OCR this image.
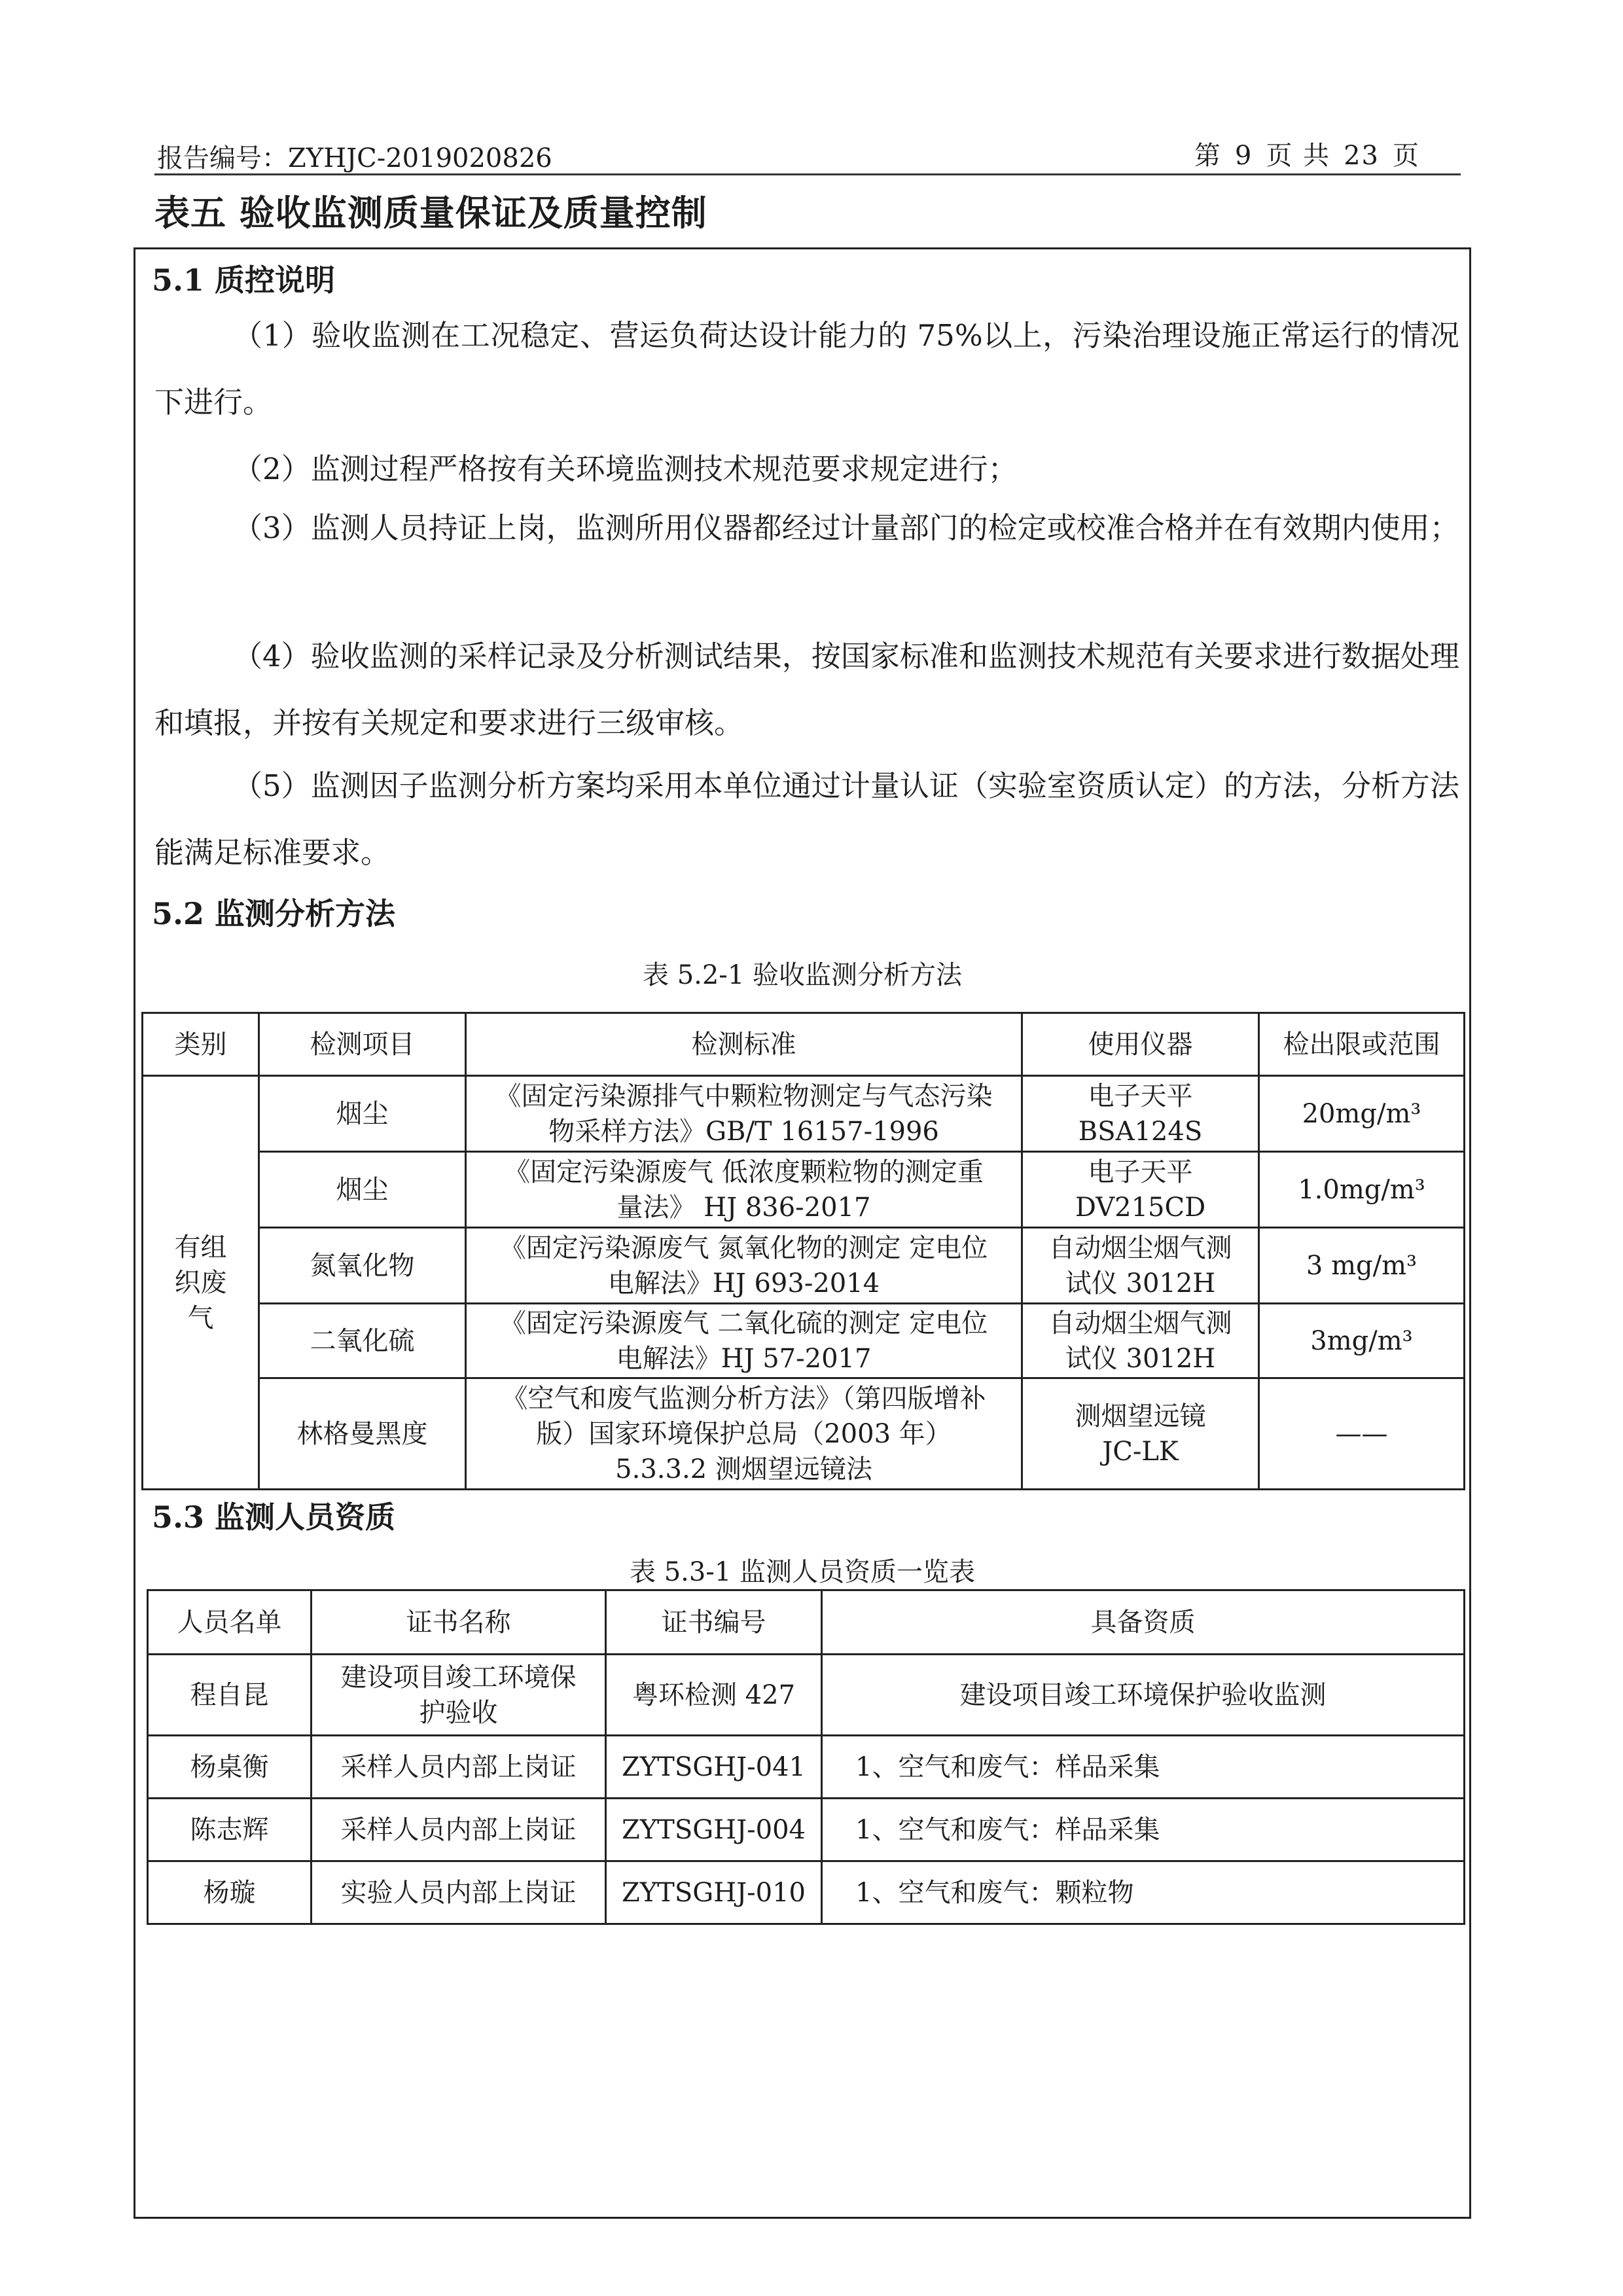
报告编号：ZYHJC-2019020826	第 9 页 共 23 页
表五 验收监测质量保证及质量控制
5.1 质控说明
（1）验收监测在工况稳定、营运负荷达设计能力的 75%以上，污染治理设施正常运行的情况下进行。
（2）监测过程严格按有关环境监测技术规范要求规定进行；
（3）监测人员持证上岗，监测所用仪器都经过计量部门的检定或校准合格并在有效期内使用；
（4）验收监测的采样记录及分析测试结果，按国家标准和监测技术规范有关要求进行数据处理和填报，并按有关规定和要求进行三级审核。
（5）监测因子监测分析方案均采用本单位通过计量认证（实验室资质认定）的方法，分析方法能满足标准要求。
5.2 监测分析方法
表 5.2-1 验收监测分析方法
类别	检测项目	检测标准	使用仪器	检出限或范围
有组织废气	烟尘	《固定污染源排气中颗粒物测定与气态污染物采样方法》GB/T 16157-1996	电子天平 BSA124S	20mg/m³
	烟尘	《固定污染源废气 低浓度颗粒物的测定重量法》 HJ 836-2017	电子天平 DV215CD	1.0mg/m³
	氮氧化物	《固定污染源废气 氮氧化物的测定 定电位电解法》HJ 693-2014	自动烟尘烟气测试仪 3012H	3 mg/m³
	二氧化硫	《固定污染源废气 二氧化硫的测定 定电位电解法》HJ 57-2017	自动烟尘烟气测试仪 3012H	3mg/m³
	林格曼黑度	《空气和废气监测分析方法》（第四版增补版）国家环境保护总局（2003 年） 5.3.3.2 测烟望远镜法	测烟望远镜 JC-LK	——
5.3 监测人员资质
表 5.3-1 监测人员资质一览表
人员名单	证书名称	证书编号	具备资质
程自昆	建设项目竣工环境保护验收	粤环检测 427	建设项目竣工环境保护验收监测
杨桌衡	采样人员内部上岗证	ZYTSGHJ-041	1、空气和废气：样品采集
陈志辉	采样人员内部上岗证	ZYTSGHJ-004	1、空气和废气：样品采集
杨璇	实验人员内部上岗证	ZYTSGHJ-010	1、空气和废气：颗粒物
